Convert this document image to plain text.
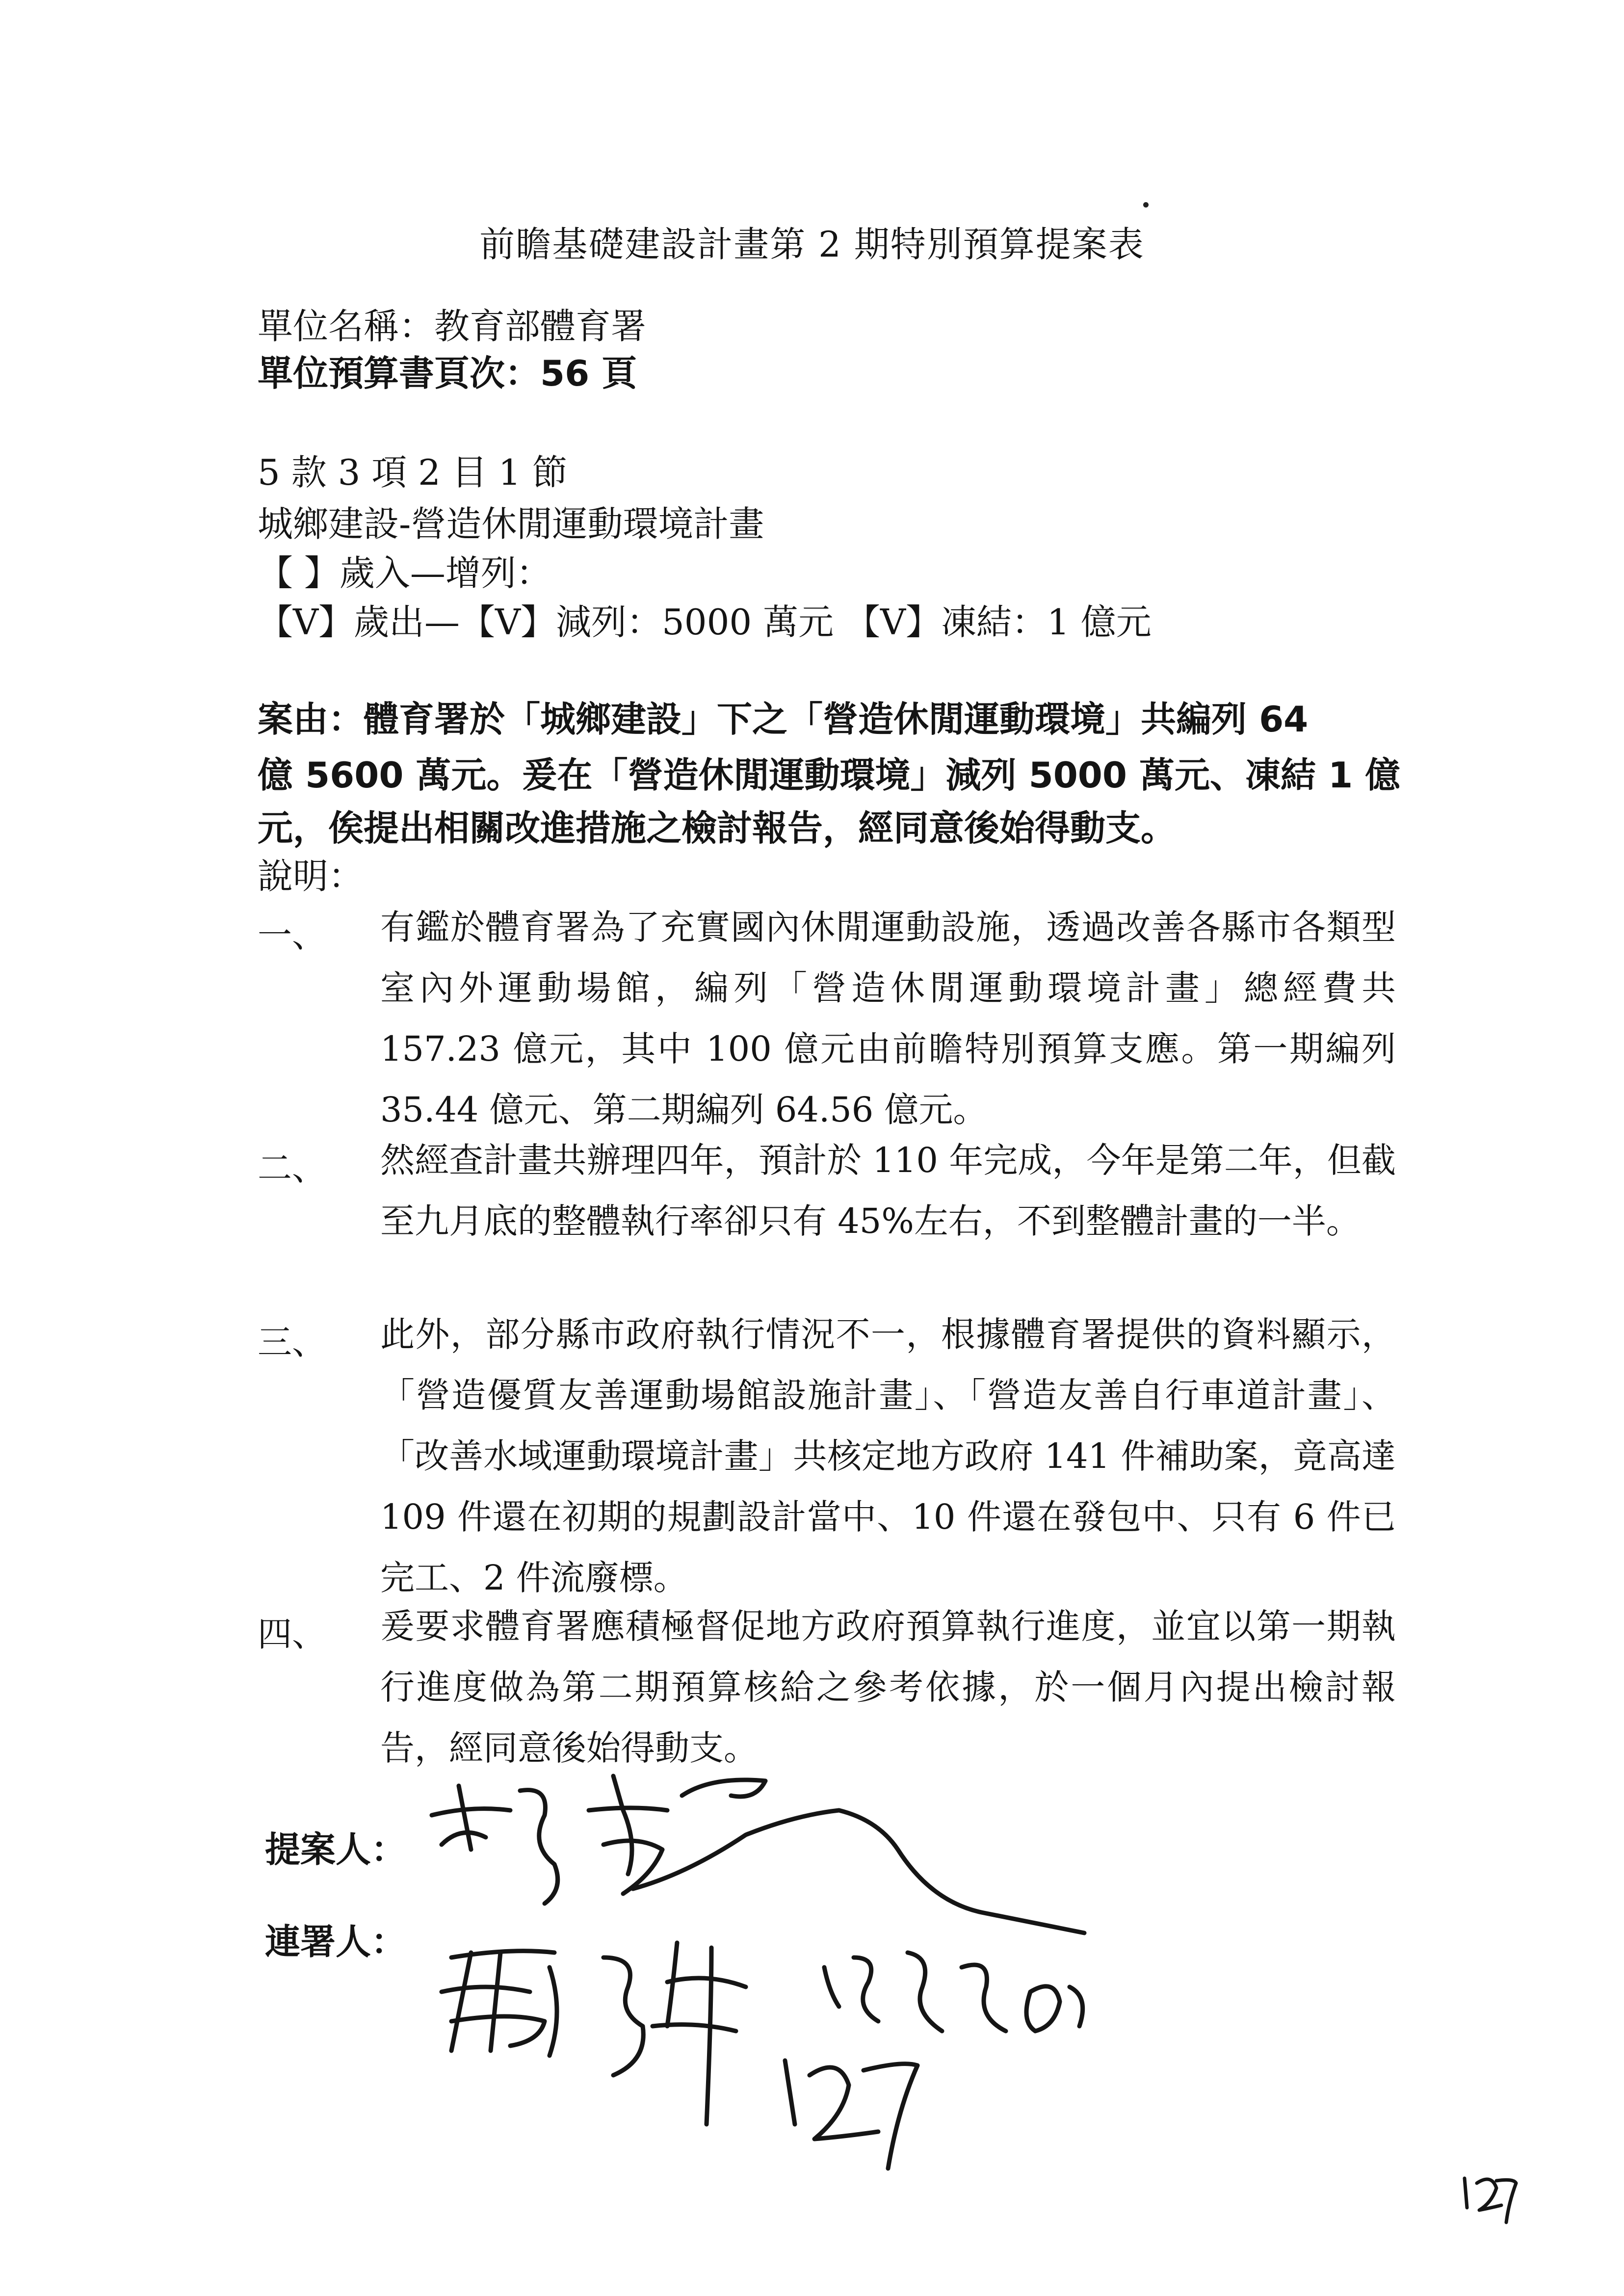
前瞻基礎建設計畫第 2 期特別預算提案表
單位名稱：教育部體育署
單位預算書頁次：56 頁
5 款 3 項 2 目 1 節
城鄉建設-營造休閒運動環境計畫
【 】歲入—增列：
【V】歲出—【V】減列：5000 萬元 【V】凍結：1 億元
案由：體育署於「城鄉建設」下之「營造休閒運動環境」共編列 64
億 5600 萬元。爰在「營造休閒運動環境」減列 5000 萬元、凍結 1 億
元，俟提出相關改進措施之檢討報告，經同意後始得動支。
說明：
一、 有鑑於體育署為了充實國內休閒運動設施，透過改善各縣市各類型室內外運動場館，編列「營造休閒運動環境計畫」總經費共 157.23 億元，其中 100 億元由前瞻特別預算支應。第一期編列 35.44 億元、第二期編列 64.56 億元。
二、 然經查計畫共辦理四年，預計於 110 年完成，今年是第二年，但截至九月底的整體執行率卻只有 45%左右，不到整體計畫的一半。
三、 此外，部分縣市政府執行情況不一，根據體育署提供的資料顯示，「營造優質友善運動場館設施計畫」、「營造友善自行車道計畫」、「改善水域運動環境計畫」共核定地方政府 141 件補助案，竟高達 109 件還在初期的規劃設計當中、10 件還在發包中、只有 6 件已完工、2 件流廢標。
四、 爰要求體育署應積極督促地方政府預算執行進度，並宜以第一期執行進度做為第二期預算核給之參考依據，於一個月內提出檢討報告，經同意後始得動支。
提案人：
連署人：
